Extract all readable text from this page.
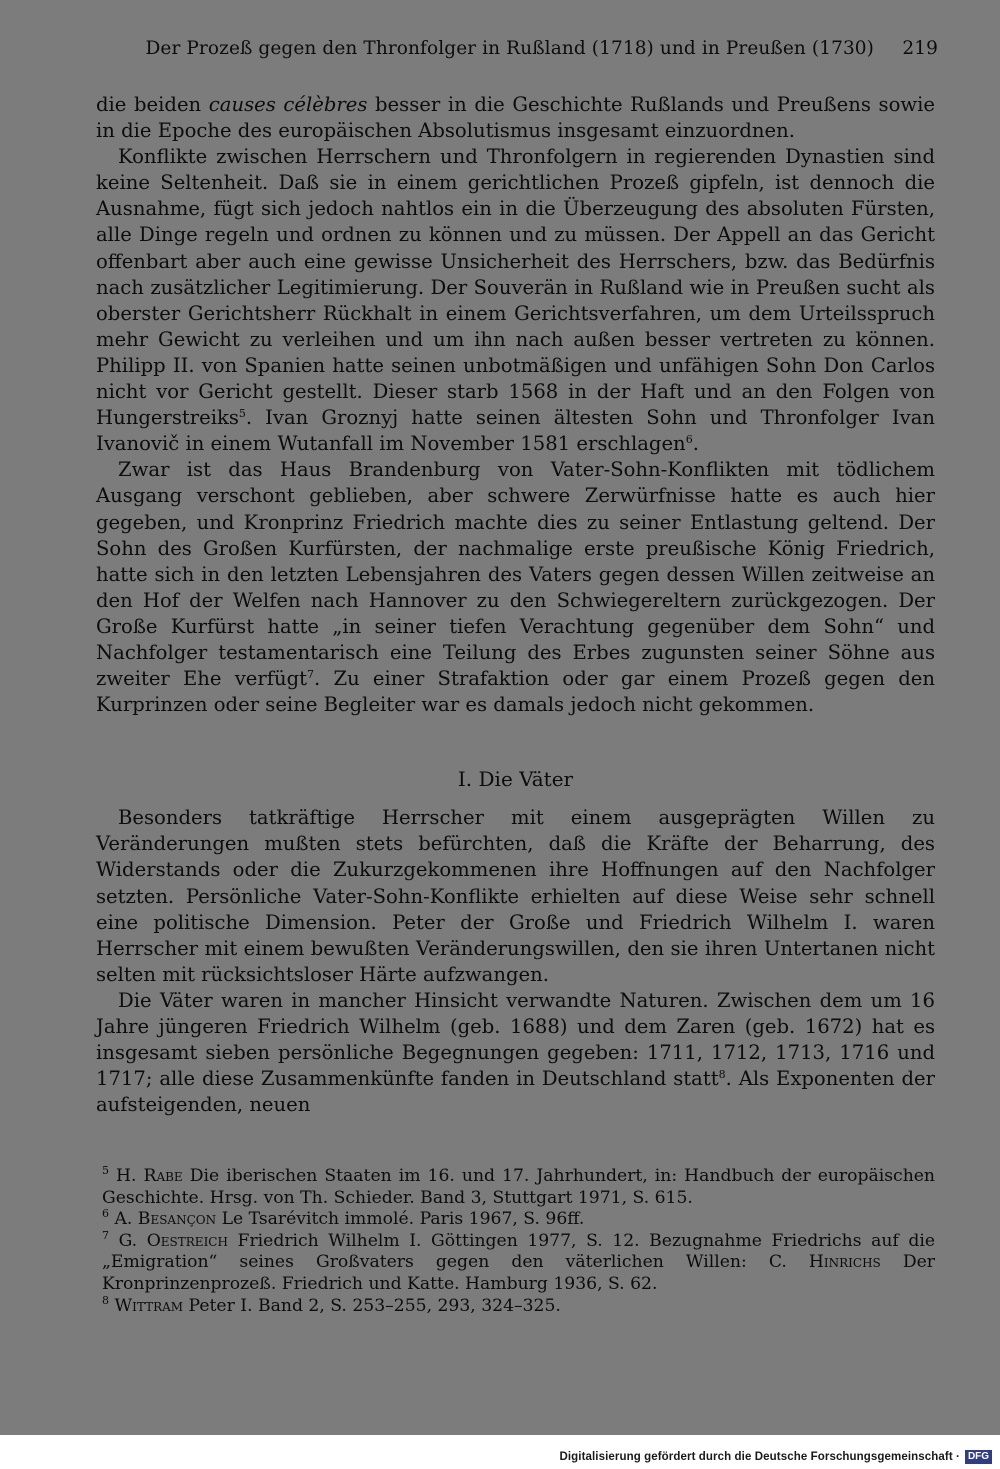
Der Prozeß gegen den Thronfolger in Rußland (1718) und in Preußen (1730) 219

die beiden causes célèbres besser in die Geschichte Rußlands und Preußens sowie in die Epoche des europäischen Absolutismus insgesamt einzuordnen.

Konflikte zwischen Herrschern und Thronfolgern in regierenden Dynastien sind keine Seltenheit. Daß sie in einem gerichtlichen Prozeß gipfeln, ist dennoch die Ausnahme, fügt sich jedoch nahtlos ein in die Überzeugung des absoluten Fürsten, alle Dinge regeln und ordnen zu können und zu müssen. Der Appell an das Gericht offenbart aber auch eine gewisse Unsicherheit des Herrschers, bzw. das Bedürfnis nach zusätzlicher Legitimierung. Der Souverän in Rußland wie in Preußen sucht als oberster Gerichtsherr Rückhalt in einem Gerichtsverfahren, um dem Urteilsspruch mehr Gewicht zu verleihen und um ihn nach außen besser vertreten zu können. Philipp II. von Spanien hatte seinen unbotmäßigen und unfähigen Sohn Don Carlos nicht vor Gericht gestellt. Dieser starb 1568 in der Haft und an den Folgen von Hungerstreiks$^5$. Ivan Groznyj hatte seinen ältesten Sohn und Thronfolger Ivan Ivanovič in einem Wutanfall im November 1581 erschlagen$^6$.

Zwar ist das Haus Brandenburg von Vater-Sohn-Konflikten mit tödlichem Ausgang verschont geblieben, aber schwere Zerwürfnisse hatte es auch hier gegeben, und Kronprinz Friedrich machte dies zu seiner Entlastung geltend. Der Sohn des Großen Kurfürsten, der nachmalige erste preußische König Friedrich, hatte sich in den letzten Lebensjahren des Vaters gegen dessen Willen zeitweise an den Hof der Welfen nach Hannover zu den Schwiegereltern zurückgezogen. Der Große Kurfürst hatte „in seiner tiefen Verachtung gegenüber dem Sohn“ und Nachfolger testamentarisch eine Teilung des Erbes zugunsten seiner Söhne aus zweiter Ehe verfügt$^7$. Zu einer Strafaktion oder gar einem Prozeß gegen den Kurprinzen oder seine Begleiter war es damals jedoch nicht gekommen.

I. Die Väter

Besonders tatkräftige Herrscher mit einem ausgeprägten Willen zu Veränderungen mußten stets befürchten, daß die Kräfte der Beharrung, des Widerstands oder die Zukurzgekommenen ihre Hoffnungen auf den Nachfolger setzten. Persönliche Vater-Sohn-Konflikte erhielten auf diese Weise sehr schnell eine politische Dimension. Peter der Große und Friedrich Wilhelm I. waren Herrscher mit einem bewußten Veränderungswillen, den sie ihren Untertanen nicht selten mit rücksichtsloser Härte aufzwangen.

Die Väter waren in mancher Hinsicht verwandte Naturen. Zwischen dem um 16 Jahre jüngeren Friedrich Wilhelm (geb. 1688) und dem Zaren (geb. 1672) hat es insgesamt sieben persönliche Begegnungen gegeben: 1711, 1712, 1713, 1716 und 1717; alle diese Zusammenkünfte fanden in Deutschland statt$^8$. Als Exponenten der aufsteigenden, neuen

$^5$ H. Rabe Die iberischen Staaten im 16. und 17. Jahrhundert, in: Handbuch der europäischen Geschichte. Hrsg. von Th. Schieder. Band 3, Stuttgart 1971, S. 615.

$^6$ A. Besançon Le Tsarévitch immolé. Paris 1967, S. 96ff.

$^7$ G. Oestreich Friedrich Wilhelm I. Göttingen 1977, S. 12. Bezugnahme Friedrichs auf die „Emigration“ seines Großvaters gegen den väterlichen Willen: C. Hinrichs Der Kronprinzenprozeß. Friedrich und Katte. Hamburg 1936, S. 62.

$^8$ Wittram Peter I. Band 2, S. 253–255, 293, 324–325.

Digitalisierung gefördert durch die Deutsche Forschungsgemeinschaft · DFG
